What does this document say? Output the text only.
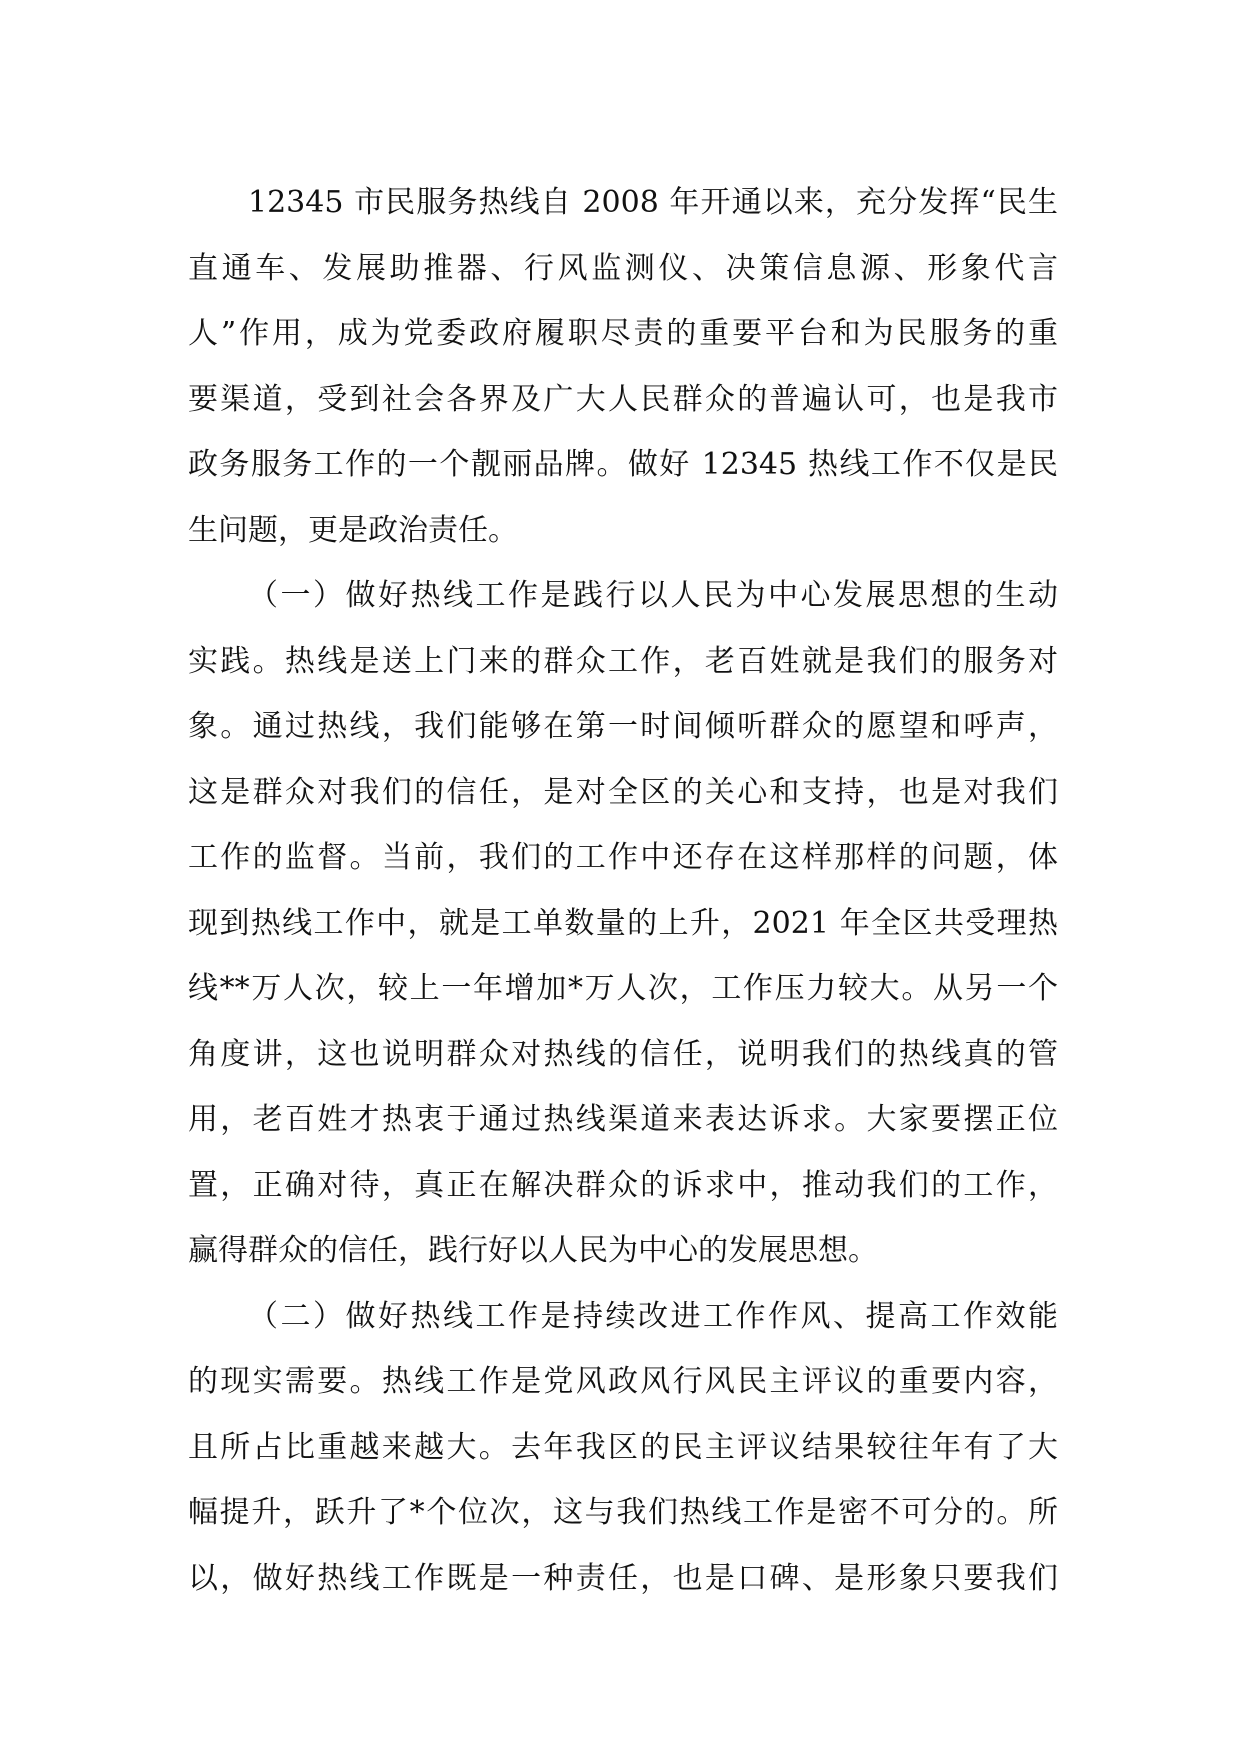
12345 市民服务热线自 2008 年开通以来，充分发挥“民生
直通车、发展助推器、行风监测仪、决策信息源、形象代言
人”作用，成为党委政府履职尽责的重要平台和为民服务的重
要渠道，受到社会各界及广大人民群众的普遍认可，也是我市
政务服务工作的一个靓丽品牌。做好 12345 热线工作不仅是民
生问题，更是政治责任。
（一）做好热线工作是践行以人民为中心发展思想的生动
实践。热线是送上门来的群众工作，老百姓就是我们的服务对
象。通过热线，我们能够在第一时间倾听群众的愿望和呼声，
这是群众对我们的信任，是对全区的关心和支持，也是对我们
工作的监督。当前，我们的工作中还存在这样那样的问题，体
现到热线工作中，就是工单数量的上升，2021 年全区共受理热
线**万人次，较上一年增加*万人次，工作压力较大。从另一个
角度讲，这也说明群众对热线的信任，说明我们的热线真的管
用，老百姓才热衷于通过热线渠道来表达诉求。大家要摆正位
置，正确对待，真正在解决群众的诉求中，推动我们的工作，
赢得群众的信任，践行好以人民为中心的发展思想。
（二）做好热线工作是持续改进工作作风、提高工作效能
的现实需要。热线工作是党风政风行风民主评议的重要内容，
且所占比重越来越大。去年我区的民主评议结果较往年有了大
幅提升，跃升了*个位次，这与我们热线工作是密不可分的。所
以，做好热线工作既是一种责任，也是口碑、是形象只要我们
